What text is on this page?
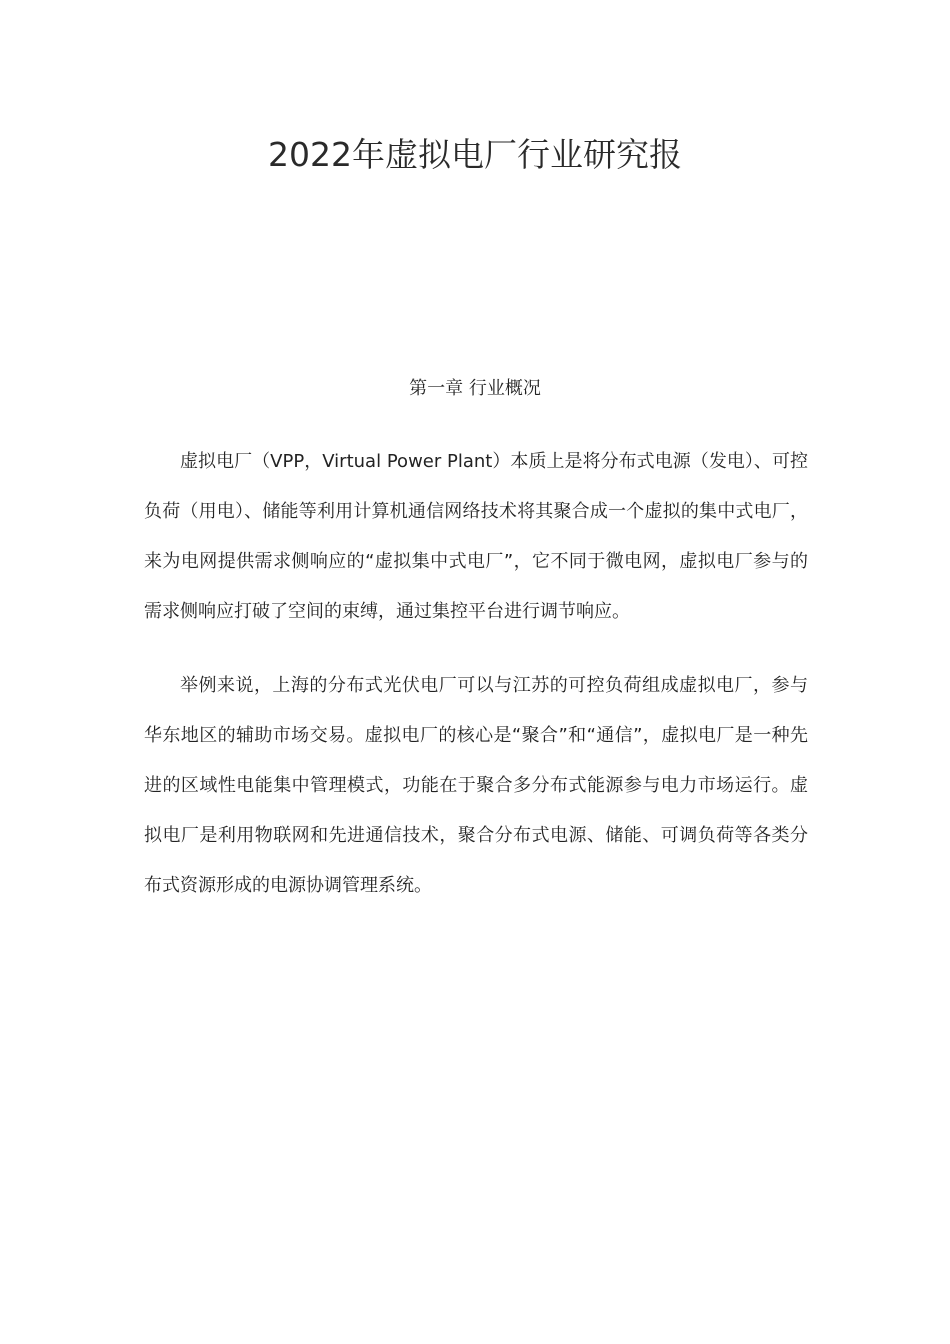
2022年虚拟电厂行业研究报
第一章 行业概况

虚拟电厂（VPP，Virtual Power Plant）本质上是将分布式电源（发电）、可控负荷（用电）、储能等利用计算机通信网络技术将其聚合成一个虚拟的集中式电厂，来为电网提供需求侧响应的“虚拟集中式电厂”，它不同于微电网，虚拟电厂参与的需求侧响应打破了空间的束缚，通过集控平台进行调节响应。

举例来说，上海的分布式光伏电厂可以与江苏的可控负荷组成虚拟电厂，参与华东地区的辅助市场交易。虚拟电厂的核心是“聚合”和“通信”，虚拟电厂是一种先进的区域性电能集中管理模式，功能在于聚合多分布式能源参与电力市场运行。虚拟电厂是利用物联网和先进通信技术，聚合分布式电源、储能、可调负荷等各类分布式资源形成的电源协调管理系统。
